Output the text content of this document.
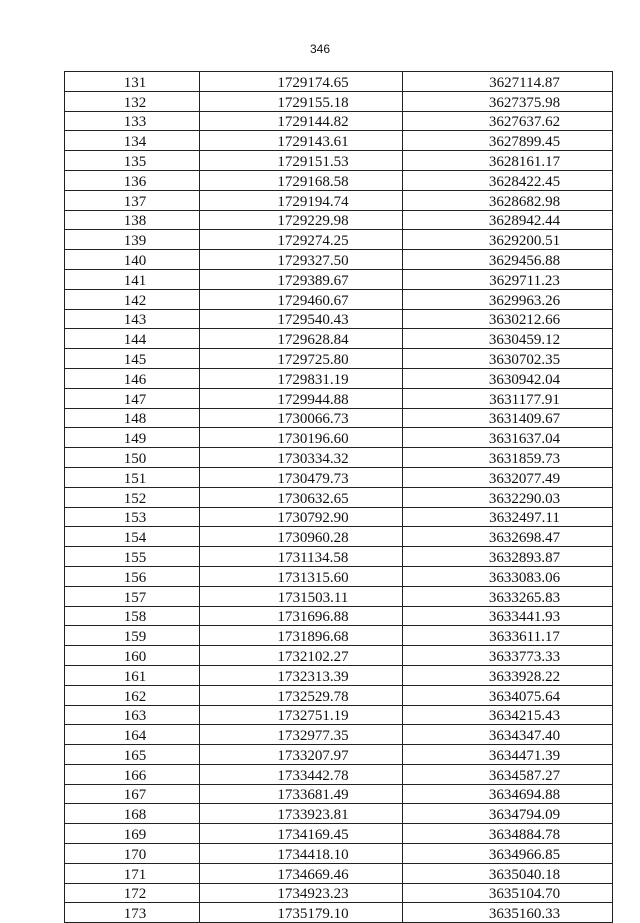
346
131	1729174.65	3627114.87
132	1729155.18	3627375.98
133	1729144.82	3627637.62
134	1729143.61	3627899.45
135	1729151.53	3628161.17
136	1729168.58	3628422.45
137	1729194.74	3628682.98
138	1729229.98	3628942.44
139	1729274.25	3629200.51
140	1729327.50	3629456.88
141	1729389.67	3629711.23
142	1729460.67	3629963.26
143	1729540.43	3630212.66
144	1729628.84	3630459.12
145	1729725.80	3630702.35
146	1729831.19	3630942.04
147	1729944.88	3631177.91
148	1730066.73	3631409.67
149	1730196.60	3631637.04
150	1730334.32	3631859.73
151	1730479.73	3632077.49
152	1730632.65	3632290.03
153	1730792.90	3632497.11
154	1730960.28	3632698.47
155	1731134.58	3632893.87
156	1731315.60	3633083.06
157	1731503.11	3633265.83
158	1731696.88	3633441.93
159	1731896.68	3633611.17
160	1732102.27	3633773.33
161	1732313.39	3633928.22
162	1732529.78	3634075.64
163	1732751.19	3634215.43
164	1732977.35	3634347.40
165	1733207.97	3634471.39
166	1733442.78	3634587.27
167	1733681.49	3634694.88
168	1733923.81	3634794.09
169	1734169.45	3634884.78
170	1734418.10	3634966.85
171	1734669.46	3635040.18
172	1734923.23	3635104.70
173	1735179.10	3635160.33
